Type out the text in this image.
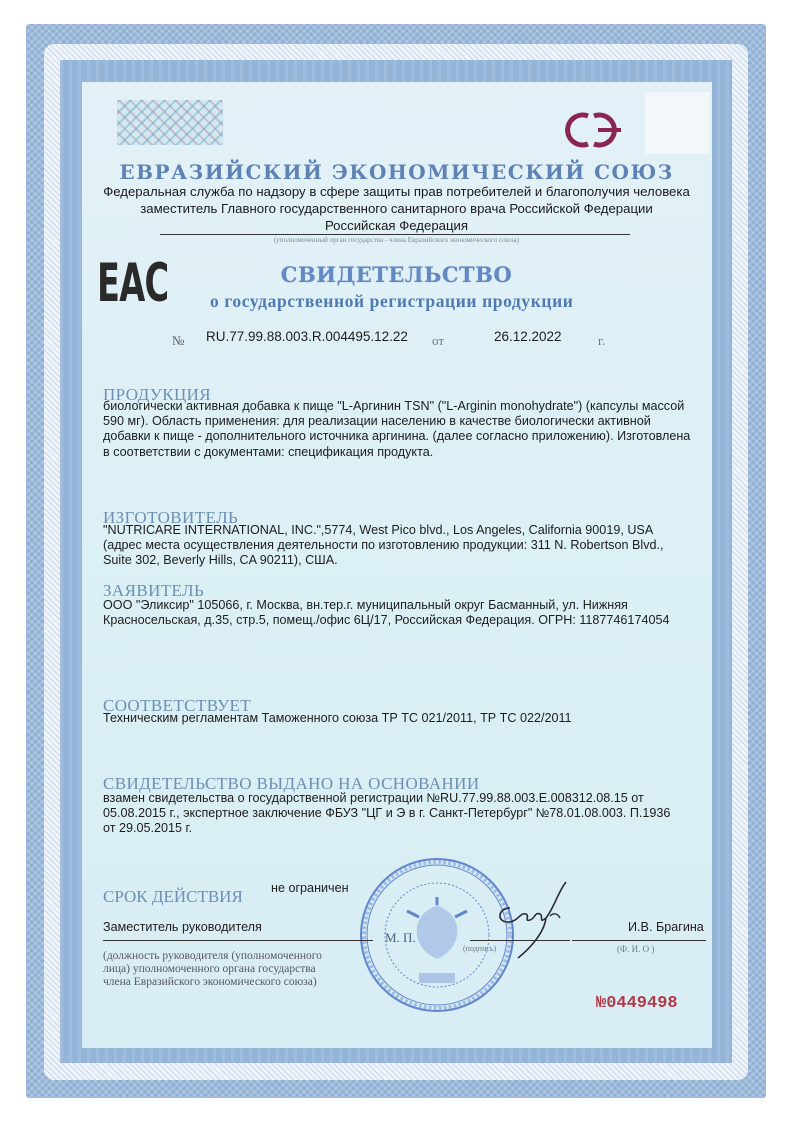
ЕВРАЗИЙСКИЙ ЭКОНОМИЧЕСКИЙ СОЮЗ
Федеральная служба по надзору в сфере защиты прав потребителей и благополучия человека
заместитель Главного государственного санитарного врача Российской Федерации
Российская Федерация
(уполномоченный орган государства - члена Евразийского экономического союза)
ЕАС	СВИДЕТЕЛЬСТВО
о государственной регистрации продукции
№ RU.77.99.88.003.R.004495.12.22 от	26.12.2022	г.
ПРОДУКЦИЯ

биологически активная добавка к пище "L-Аргинин TSN" ("L-Arginin monohydrate") (капсулы массой

590 мг). Область применения: для реализации населению в качестве биологически активной

добавки к пище - дополнительного источника аргинина. (далее согласно приложению). Изготовлена

в соответствии с документами: спецификация продукта.

ИЗГОТОВИТЕЛЬ

"NUTRICARE INTERNATIONAL, INC.",5774, West Pico blvd., Los Angeles, California 90019, USA

(адрес места осуществления деятельности по изготовлению продукции: 311 N. Robertson Blvd.,

Suite 302, Beverly Hills, CA 90211), США.

ЗАЯВИТЕЛЬ

ООО "Эликсир" 105066, г. Москва, вн.тер.г. муниципальный округ Басманный, ул. Нижняя

Красносельская, д.35, стр.5, помещ./офис 6Ц/17, Российская Федерация. ОГРН: 1187746174054

СООТВЕТСТВУЕТ

Техническим регламентам Таможенного союза ТР ТС 021/2011, ТР ТС 022/2011

СВИДЕТЕЛЬСТВО ВЫДАНО НА ОСНОВАНИИ

взамен свидетельства о государственной регистрации №RU.77.99.88.003.Е.008312.08.15 от

05.08.2015 г., экспертное заключение ФБУЗ "ЦГ и Э в г. Санкт-Петербург" №78.01.08.003. П.1936

от 29.05.2015 г.

СРОК ДЕЙСТВИЯ не ограничен
Заместитель руководителя	И.В. Брагина
М. П.
(подпись)	(Ф. И. О )

(должность руководителя (уполномоченного

лица) уполномоченного органа государства

члена Евразийского экономического союза)

№0449498
